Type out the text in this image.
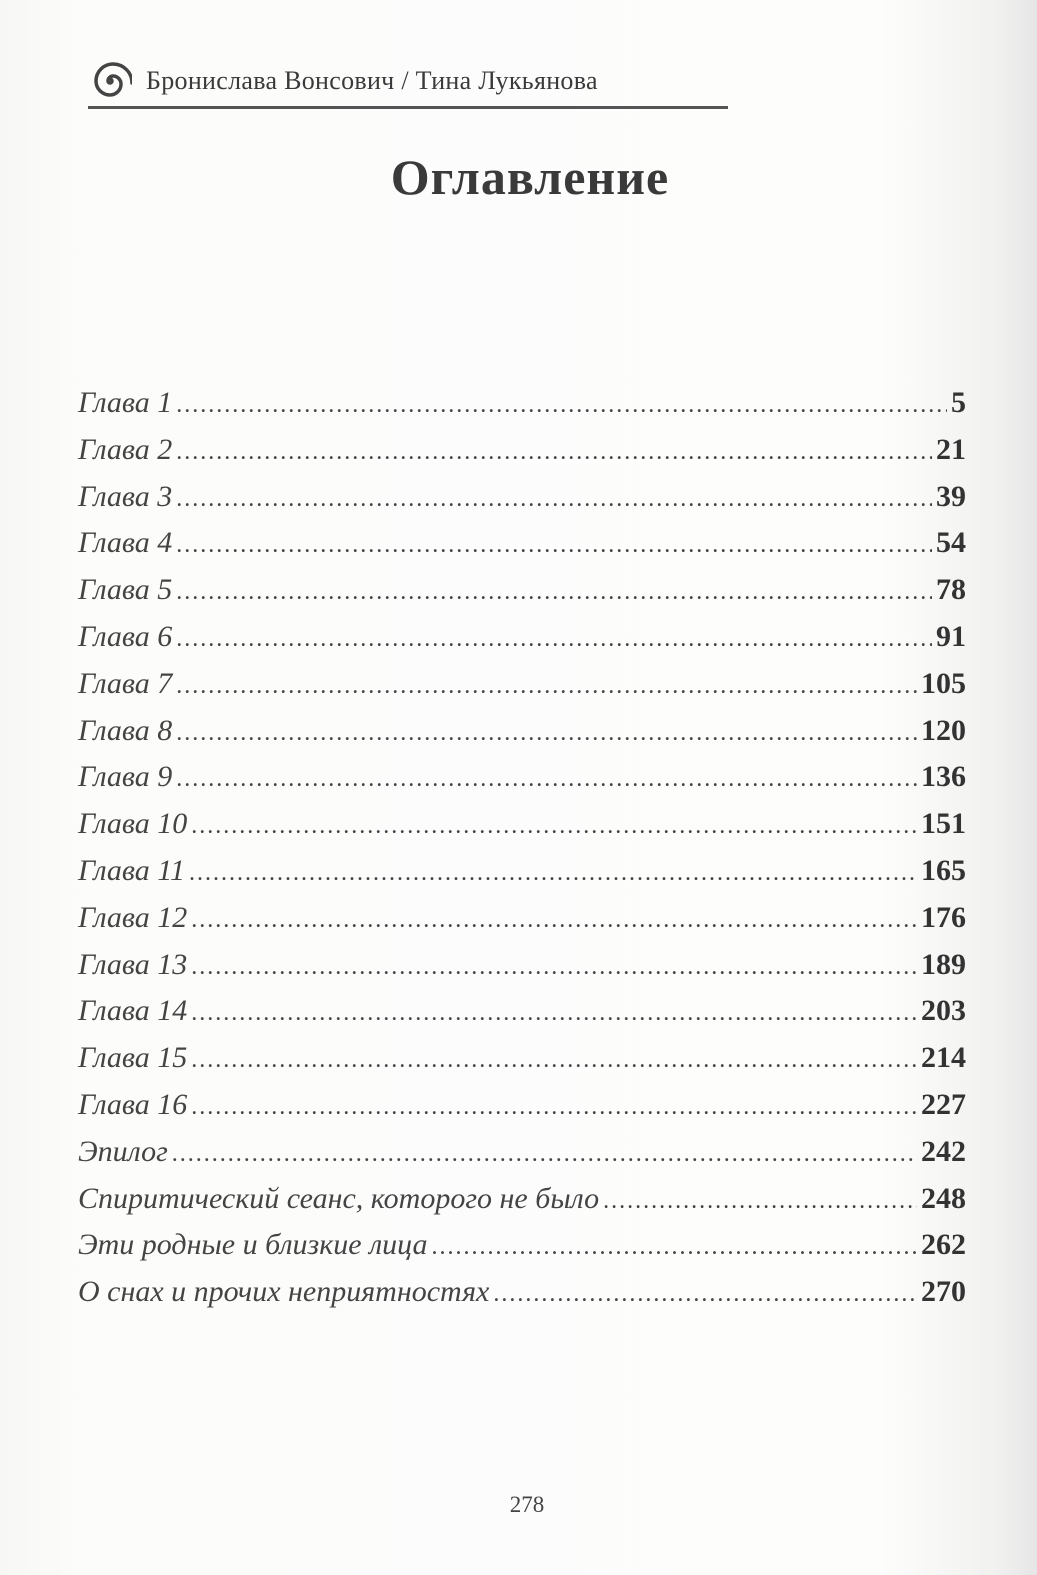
Бронислава Вонсович / Тина Лукьянова
Оглавление
Глава 1 .....	5
Глава 2 .....	21
Глава 3 .....	39
Глава 4 .....	54
Глава 5 .....	78
Глава 6 .....	91
Глава 7 .....	105
Глава 8 .....	120
Глава 9 .....	136
Глава 10 .....	151
Глава 11 .....	165
Глава 12 .....	176
Глава 13 .....	189
Глава 14 .....	203
Глава 15 .....	214
Глава 16 .....	227
Эпилог .....	242
Спиритический сеанс, которого не было .....	248
Эти родные и близкие лица .....	262
О снах и прочих неприятностях .....	270
278
